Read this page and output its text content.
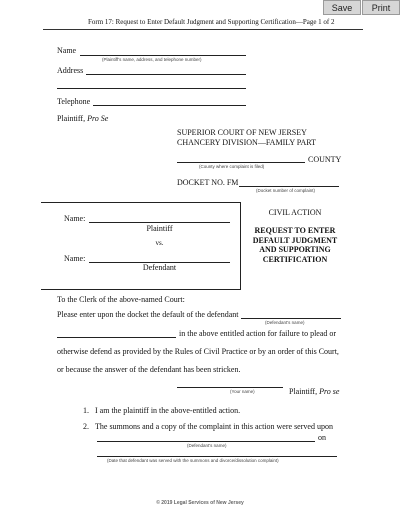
Save	Print
Form 17: Request to Enter Default Judgment and Supporting Certification—Page 1 of 2
Name
(Plaintiff’s name, address, and telephone number)
Address
Telephone
Plaintiff, Pro Se
SUPERIOR COURT OF NEW JERSEY
CHANCERY DIVISION—FAMILY PART
COUNTY
(County where complaint is filed)
DOCKET NO. FM
(Docket number of complaint)
Name:
Plaintiff
vs.
Name:
Defendant
CIVIL ACTION
REQUEST TO ENTER
DEFAULT JUDGMENT
AND SUPPORTING
CERTIFICATION
To the Clerk of the above-named Court:
Please enter upon the docket the default of the defendant
(Defendant’s name)
in the above entitled action for failure to plead or
otherwise defend as provided by the Rules of Civil Practice or by an order of this Court,
or because the answer of the defendant has been stricken.
(Your name)	Plaintiff, Pro se
1. I am the plaintiff in the above-entitled action.
2. The summons and a copy of the complaint in this action were served upon
on
(Defendant’s name)
(Date that defendant was served with the summons and divorce/dissolution complaint)
© 2019 Legal Services of New Jersey
